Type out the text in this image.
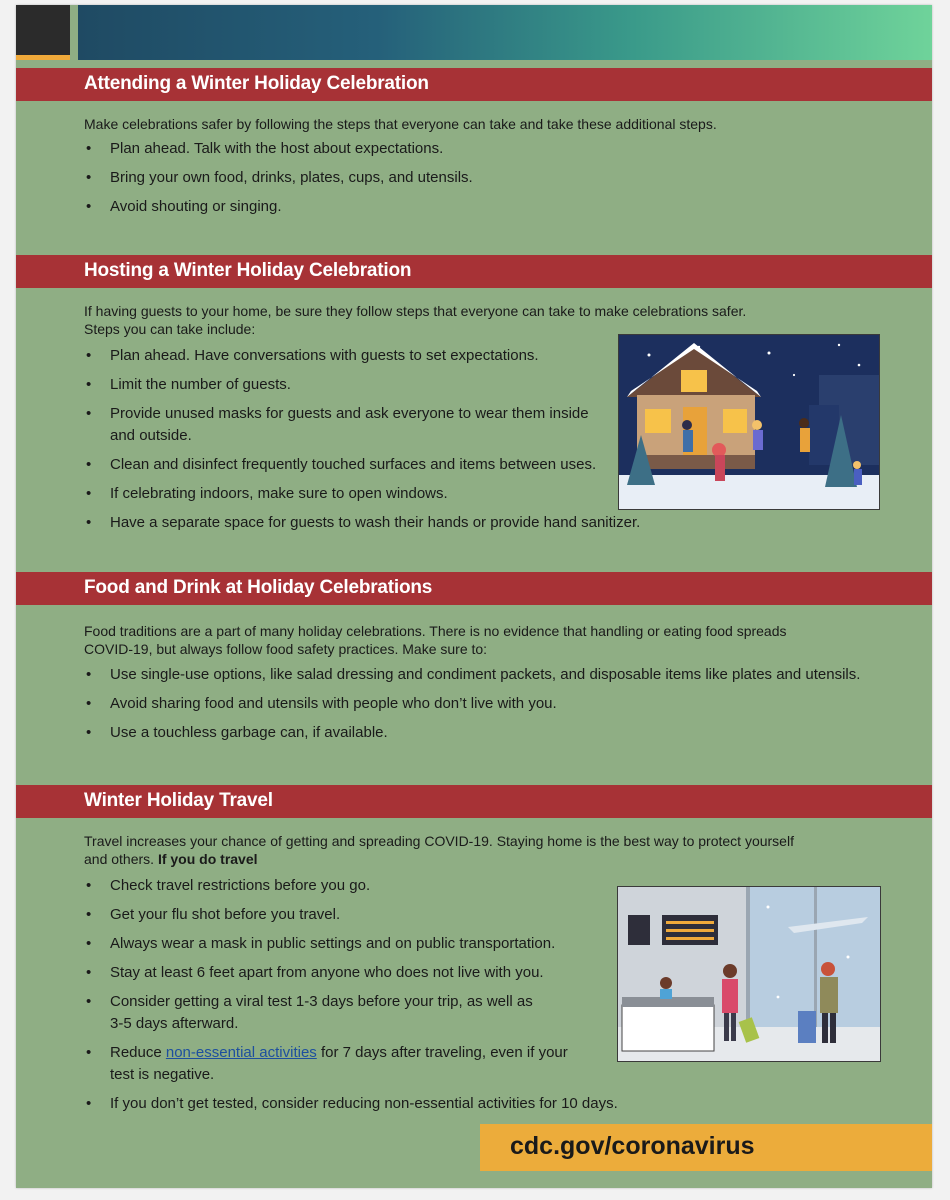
Attending a Winter Holiday Celebration
Make celebrations safer by following the steps that everyone can take and take these additional steps.
• Plan ahead. Talk with the host about expectations.
• Bring your own food, drinks, plates, cups, and utensils.
• Avoid shouting or singing.
Hosting a Winter Holiday Celebration
If having guests to your home, be sure they follow steps that everyone can take to make celebrations safer.
Steps you can take include:
• Plan ahead. Have conversations with guests to set expectations.
• Limit the number of guests.
• Provide unused masks for guests and ask everyone to wear them inside
and outside.
• Clean and disinfect frequently touched surfaces and items between uses.
• If celebrating indoors, make sure to open windows.
• Have a separate space for guests to wash their hands or provide hand sanitizer.
Food and Drink at Holiday Celebrations
Food traditions are a part of many holiday celebrations. There is no evidence that handling or eating food spreads
COVID-19, but always follow food safety practices. Make sure to:
• Use single-use options, like salad dressing and condiment packets, and disposable items like plates and utensils.
• Avoid sharing food and utensils with people who don’t live with you.
• Use a touchless garbage can, if available.
Winter Holiday Travel
Travel increases your chance of getting and spreading COVID-19. Staying home is the best way to protect yourself
and others. If you do travel
• Check travel restrictions before you go.
• Get your flu shot before you travel.
• Always wear a mask in public settings and on public transportation.
• Stay at least 6 feet apart from anyone who does not live with you.
• Consider getting a viral test 1-3 days before your trip, as well as
3-5 days afterward.
• Reduce non-essential activities for 7 days after traveling, even if your
test is negative.
• If you don’t get tested, consider reducing non-essential activities for 10 days.
cdc.gov/coronavirus
